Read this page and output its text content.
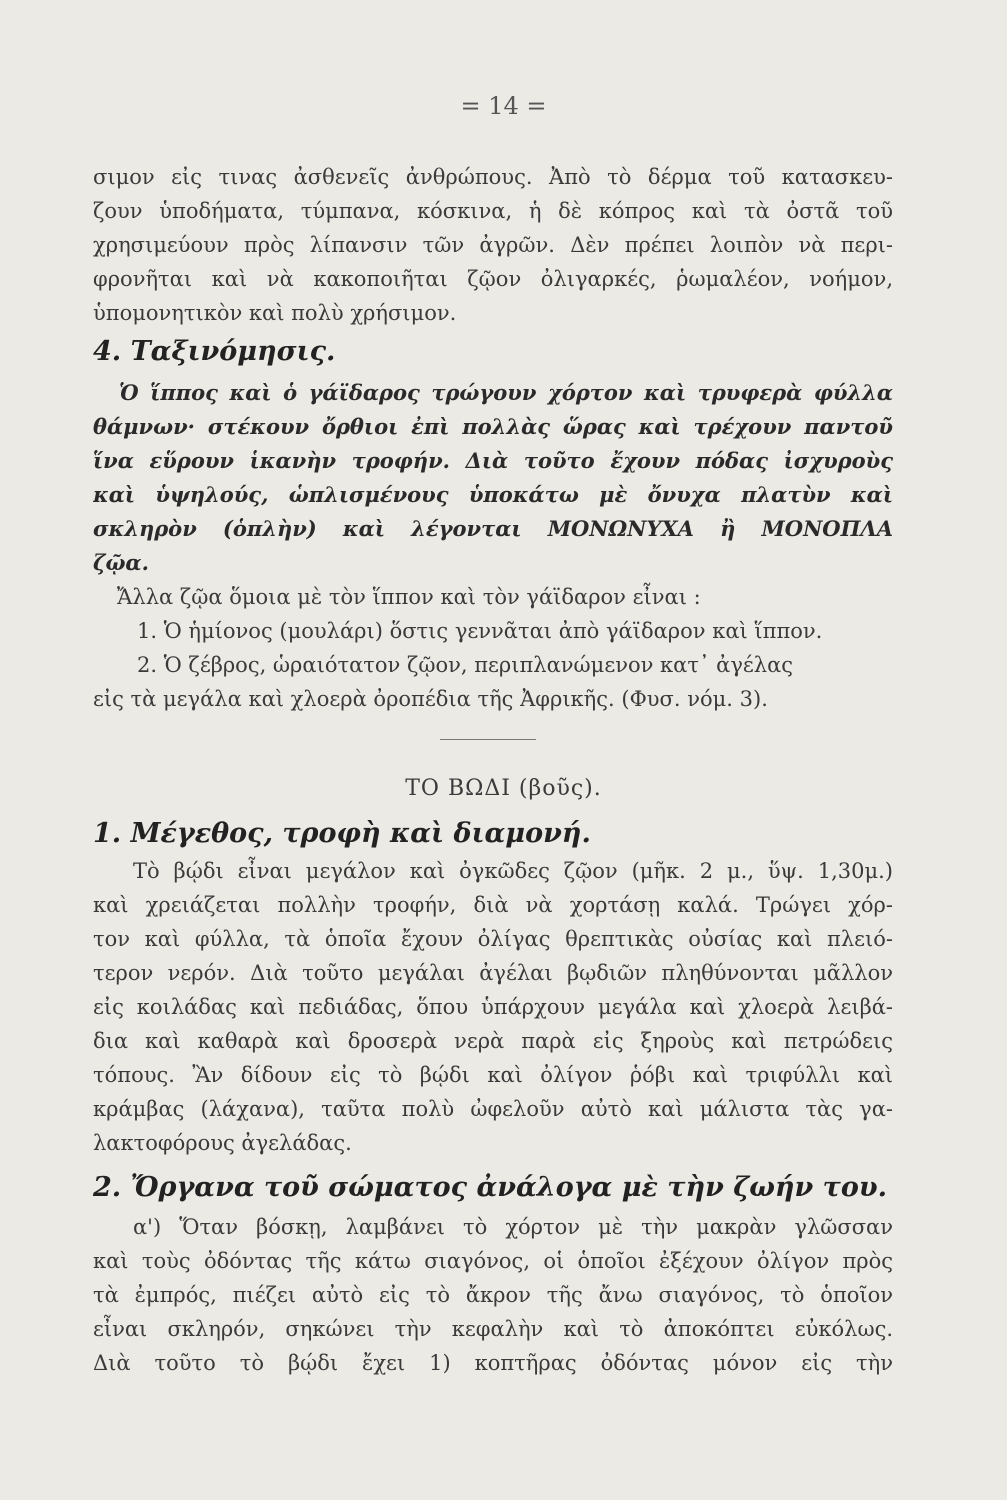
= 14 =
σιμον εἰς τινας ἀσθενεῖς ἀνθρώπους. Ἀπὸ τὸ δέρμα τοῦ κατασκευ-
ζουν ὑποδήματα, τύμπανα, κόσκινα, ἡ δὲ κόπρος καὶ τὰ ὀστᾶ τοῦ
χρησιμεύουν πρὸς λίπανσιν τῶν ἀγρῶν. Δὲν πρέπει λοιπὸν νὰ περι-
φρονῆται καὶ νὰ κακοποιῆται ζῷον ὀλιγαρκές, ῥωμαλέον, νοήμον,
ὑπομονητικὸν καὶ πολὺ χρήσιμον.
4. Ταξινόμησις.
Ὁ ἵππος καὶ ὁ γάϊδαρος τρώγουν χόρτον καὶ τρυφερὰ φύλλα
θάμνων· στέκουν ὄρθιοι ἐπὶ πολλὰς ὥρας καὶ τρέχουν παντοῦ
ἵνα εὕρουν ἱκανὴν τροφήν. Διὰ τοῦτο ἔχουν πόδας ἰσχυροὺς
καὶ ὑψηλούς, ὡπλισμένους ὑποκάτω μὲ ὄνυχα πλατὺν καὶ
σκληρὸν (ὁπλὴν) καὶ λέγονται ΜΟΝΩΝΥΧΑ ἢ ΜΟΝΟΠΛΑ
ζῷα.
Ἄλλα ζῷα ὅμοια μὲ τὸν ἵππον καὶ τὸν γάϊδαρον εἶναι :
1. Ὁ ἡμίονος (μουλάρι) ὅστις γεννᾶται ἀπὸ γάϊδαρον καὶ ἵππον.
2. Ὁ ζέβρος, ὡραιότατον ζῷον, περιπλανώμενον κατ᾽ ἀγέλας
εἰς τὰ μεγάλα καὶ χλοερὰ ὀροπέδια τῆς Ἀφρικῆς. (Φυσ. νόμ. 3).
ΤΟ ΒΩΔΙ (βοῦς).
1. Μέγεθος, τροφὴ καὶ διαμονή.
Τὸ βῴδι εἶναι μεγάλον καὶ ὀγκῶδες ζῷον (μῆκ. 2 μ., ὕψ. 1,30μ.)
καὶ χρειάζεται πολλὴν τροφήν, διὰ νὰ χορτάσῃ καλά. Τρώγει χόρ-
τον καὶ φύλλα, τὰ ὁποῖα ἔχουν ὀλίγας θρεπτικὰς οὐσίας καὶ πλειό-
τερον νερόν. Διὰ τοῦτο μεγάλαι ἀγέλαι βῳδιῶν πληθύνονται μᾶλλον
εἰς κοιλάδας καὶ πεδιάδας, ὅπου ὑπάρχουν μεγάλα καὶ χλοερὰ λειβά-
δια καὶ καθαρὰ καὶ δροσερὰ νερὰ παρὰ εἰς ξηροὺς καὶ πετρώδεις
τόπους. Ἂν δίδουν εἰς τὸ βῴδι καὶ ὀλίγον ῥόβι καὶ τριφύλλι καὶ
κράμβας (λάχανα), ταῦτα πολὺ ὠφελοῦν αὐτὸ καὶ μάλιστα τὰς γα-
λακτοφόρους ἀγελάδας.
2. Ὄργανα τοῦ σώματος ἀνάλογα μὲ τὴν ζωήν του.
α') Ὅταν βόσκῃ, λαμβάνει τὸ χόρτον μὲ τὴν μακρὰν γλῶσσαν
καὶ τοὺς ὀδόντας τῆς κάτω σιαγόνος, οἱ ὁποῖοι ἐξέχουν ὀλίγον πρὸς
τὰ ἐμπρός, πιέζει αὐτὸ εἰς τὸ ἄκρον τῆς ἄνω σιαγόνος, τὸ ὁποῖον
εἶναι σκληρόν, σηκώνει τὴν κεφαλὴν καὶ τὸ ἀποκόπτει εὐκόλως.
Διὰ τοῦτο τὸ βῴδι ἔχει 1) κοπτῆρας ὀδόντας μόνον εἰς τὴν
